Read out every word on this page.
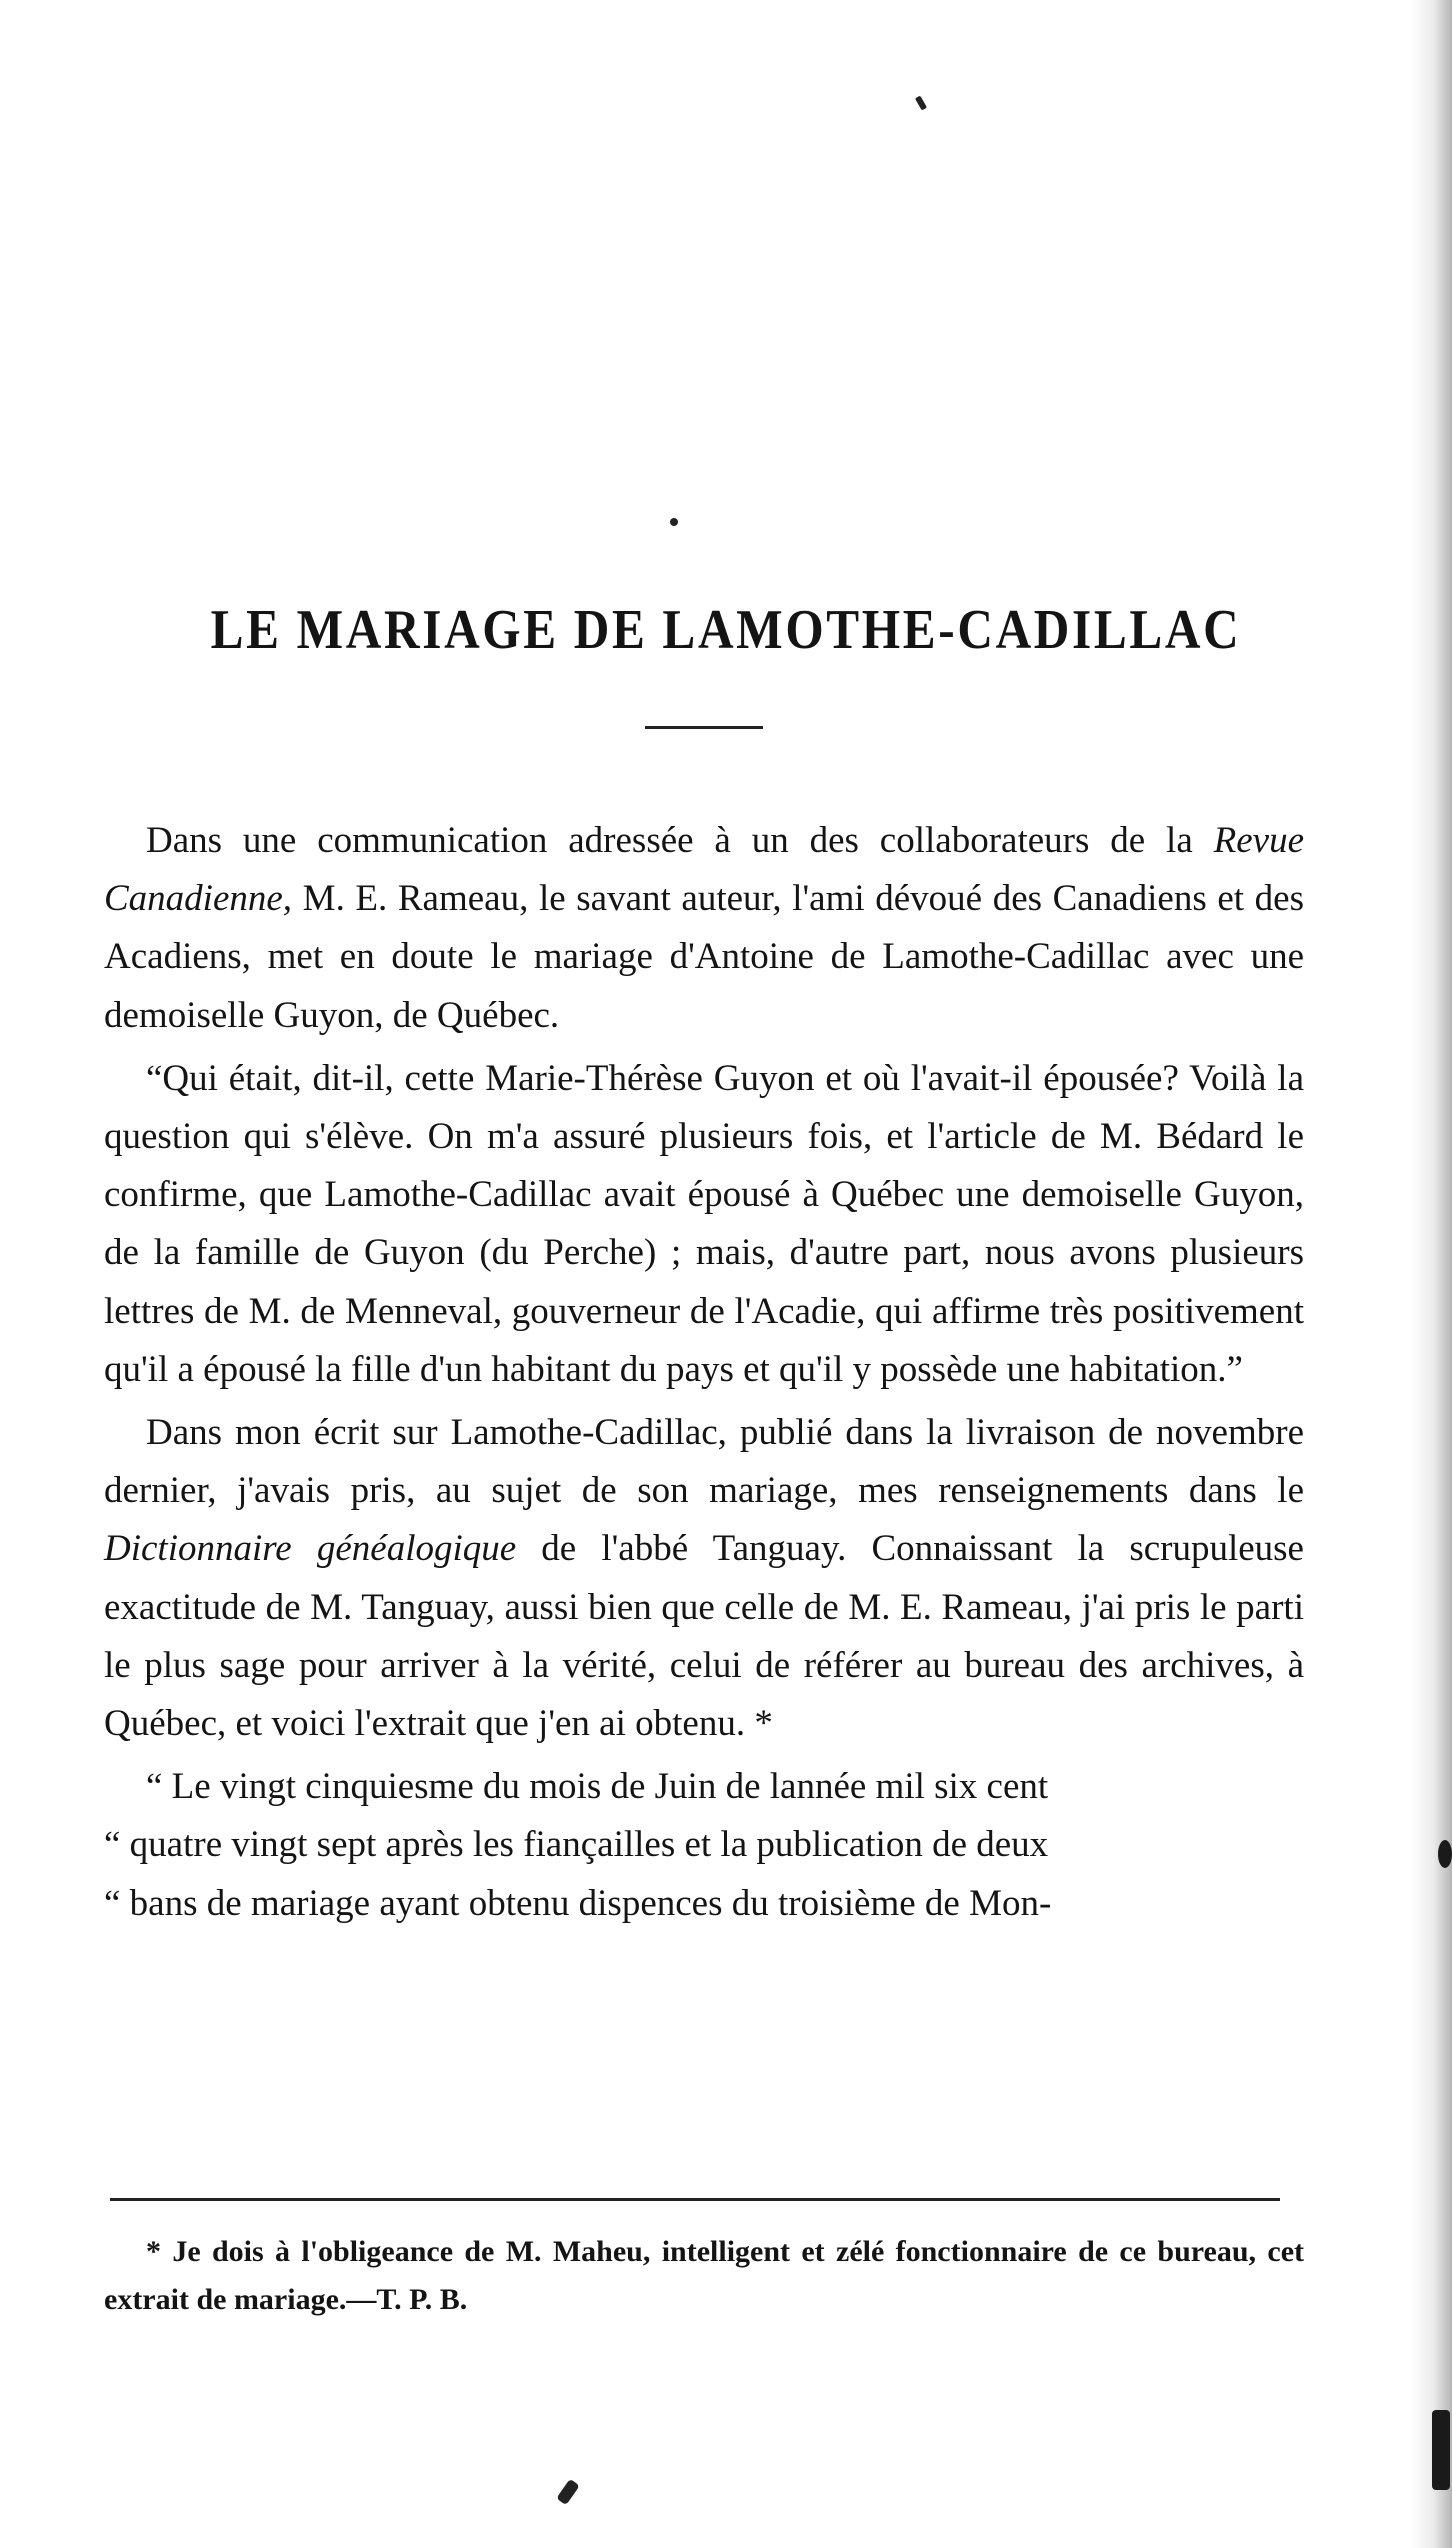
LE MARIAGE DE LAMOTHE-CADILLAC

Dans une communication adressée à un des collaborateurs de la Revue Canadienne, M. E. Rameau, le savant auteur, l'ami dévoué des Canadiens et des Acadiens, met en doute le mariage d'Antoine de Lamothe-Cadillac avec une demoiselle Guyon, de Québec.

“Qui était, dit-il, cette Marie-Thérèse Guyon et où l'avait-il épousée? Voilà la question qui s'élève. On m'a assuré plusieurs fois, et l'article de M. Bédard le confirme, que Lamothe-Cadillac avait épousé à Québec une demoiselle Guyon, de la famille de Guyon (du Perche) ; mais, d'autre part, nous avons plusieurs lettres de M. de Menneval, gouverneur de l'Acadie, qui affirme très positivement qu'il a épousé la fille d'un habitant du pays et qu'il y possède une habitation.”

Dans mon écrit sur Lamothe-Cadillac, publié dans la livraison de novembre dernier, j'avais pris, au sujet de son mariage, mes renseignements dans le Dictionnaire généalogique de l'abbé Tanguay. Connaissant la scrupuleuse exactitude de M. Tanguay, aussi bien que celle de M. E. Rameau, j'ai pris le parti le plus sage pour arriver à la vérité, celui de référer au bureau des archives, à Québec, et voici l'extrait que j'en ai obtenu. *

“ Le vingt cinquiesme du mois de Juin de lannée mil six cent
“ quatre vingt sept après les fiançailles et la publication de deux
“ bans de mariage ayant obtenu dispences du troisième de Mon-

* Je dois à l'obligeance de M. Maheu, intelligent et zélé fonctionnaire de ce bureau, cet extrait de mariage.—T. P. B.
